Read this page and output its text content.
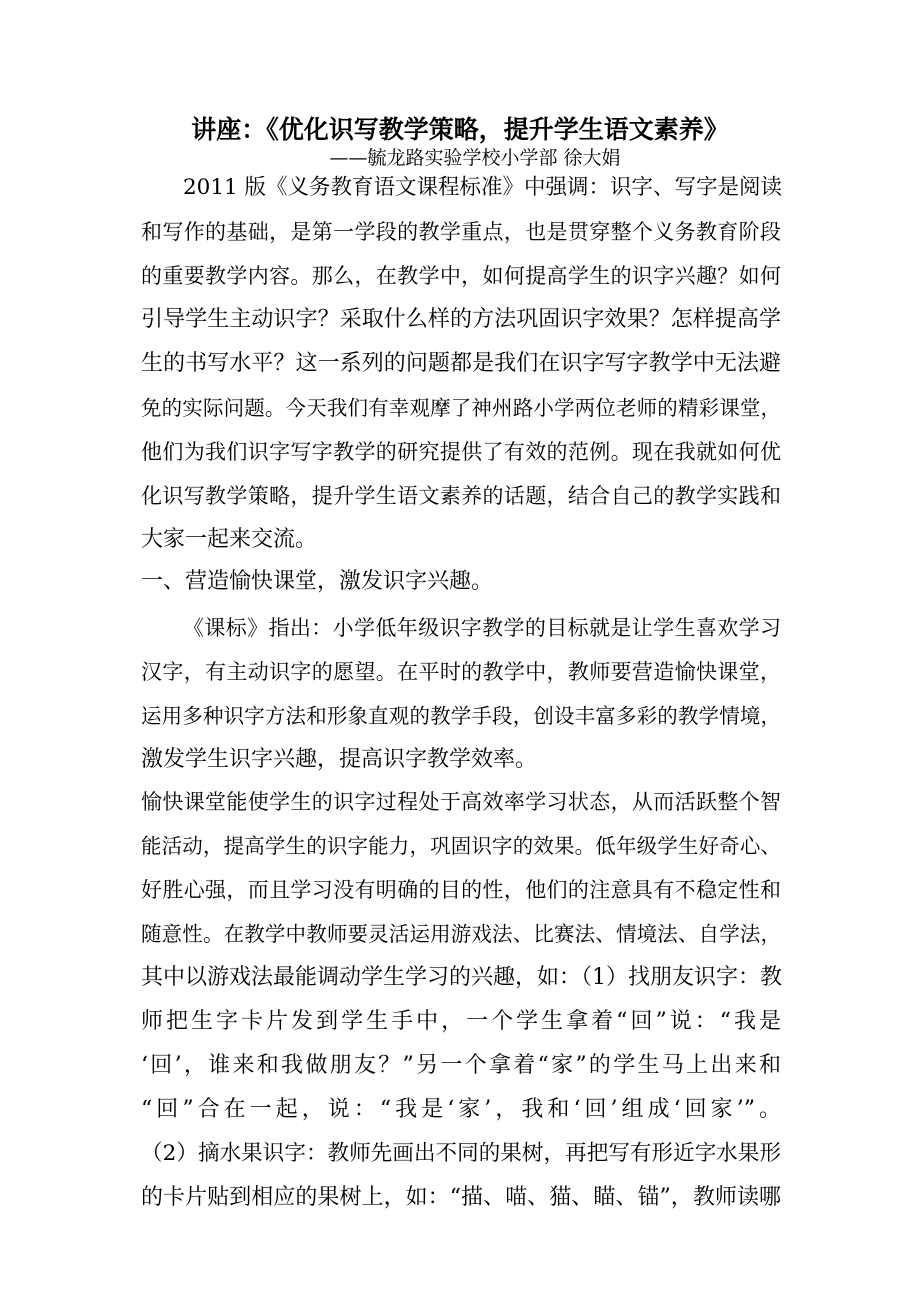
讲座：《优化识写教学策略，提升学生语文素养》
——毓龙路实验学校小学部 徐大娟
2011 版《义务教育语文课程标准》中强调：识字、写字是阅读
和写作的基础，是第一学段的教学重点，也是贯穿整个义务教育阶段
的重要教学内容。那么，在教学中，如何提高学生的识字兴趣？如何
引导学生主动识字？采取什么样的方法巩固识字效果？怎样提高学
生的书写水平？这一系列的问题都是我们在识字写字教学中无法避
免的实际问题。今天我们有幸观摩了神州路小学两位老师的精彩课堂，
他们为我们识字写字教学的研究提供了有效的范例。现在我就如何优
化识写教学策略，提升学生语文素养的话题，结合自己的教学实践和
大家一起来交流。
一、营造愉快课堂，激发识字兴趣。
《课标》指出：小学低年级识字教学的目标就是让学生喜欢学习
汉字，有主动识字的愿望。在平时的教学中，教师要营造愉快课堂，
运用多种识字方法和形象直观的教学手段，创设丰富多彩的教学情境，
激发学生识字兴趣，提高识字教学效率。
愉快课堂能使学生的识字过程处于高效率学习状态，从而活跃整个智
能活动，提高学生的识字能力，巩固识字的效果。低年级学生好奇心、
好胜心强，而且学习没有明确的目的性，他们的注意具有不稳定性和
随意性。在教学中教师要灵活运用游戏法、比赛法、情境法、自学法，
其中以游戏法最能调动学生学习的兴趣，如：（1）找朋友识字：教
师把生字卡片发到学生手中，一个学生拿着“回”说：“我是
‘回’，谁来和我做朋友？”另一个拿着“家”的学生马上出来和
“回”合在一起，说：“我是‘家’，我和‘回’组成‘回家’”。
（2）摘水果识字：教师先画出不同的果树，再把写有形近字水果形
的卡片贴到相应的果树上，如：“描、喵、猫、瞄、锚”，教师读哪
